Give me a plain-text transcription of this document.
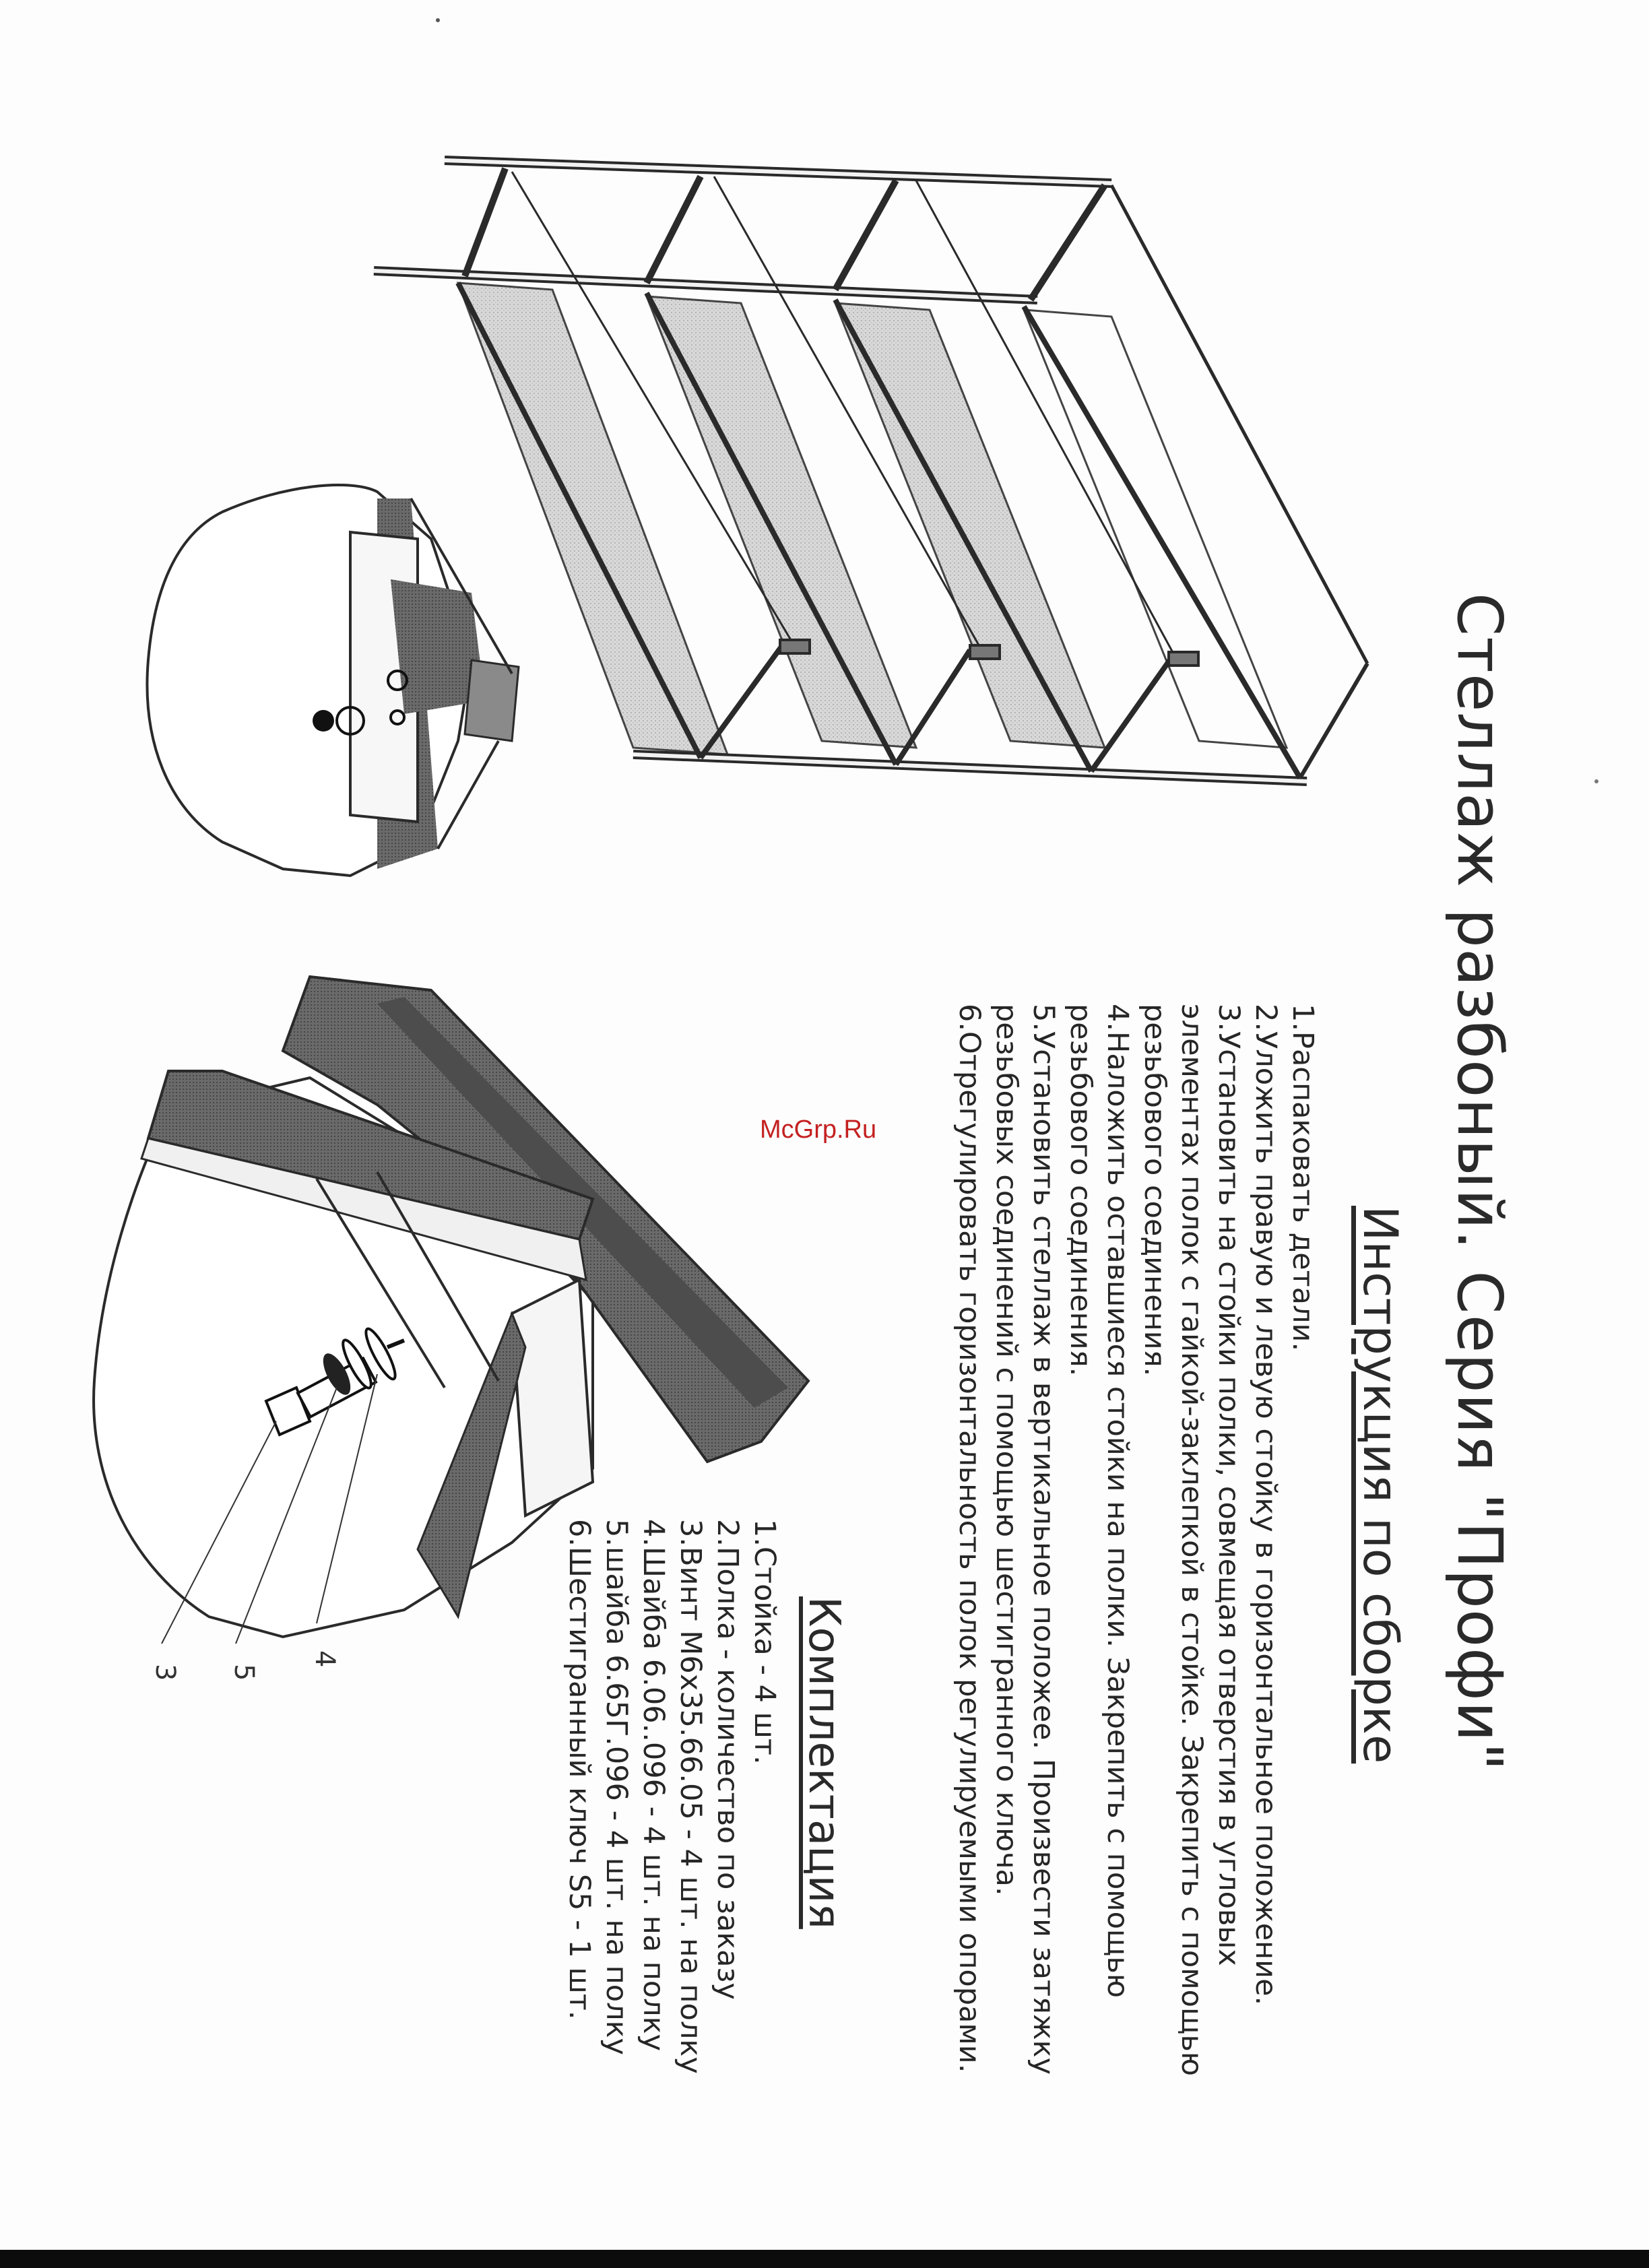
Стеллаж разбоный. Серия "Профи"
Инструкция по сборке
1.Распаковать детали.
2.Уложить правую и левую стойку в горизонтальное положение.
3.Установить на стойки полки, совмещая отверстия в угловых
элементах полок с гайкой-заклепкой в стойке. Закрепить с помощью
резьбового соединения.
4.Наложить оставшиеся стойки на полки. Закрепить с помощью
резьбового соединения.
5.Установить стеллаж в вертикальное положее. Произвести затяжку
резьбовых соединений с помощью шестигранного ключа.
6.Отрегулировать горизонтальность полок регулируемыми опорами.
Комплектация
1.Стойка - 4 шт.
2.Полка - количество по заказу
3.Винт М6х35.66.05 - 4 шт. на полку
4.Шайба 6.06..096 - 4 шт. на полку
5.шайба 6.65Г.096 - 4 шт. на полку
6.Шестигранный ключ S5 - 1 шт.
4
5
3
McGrp.Ru
